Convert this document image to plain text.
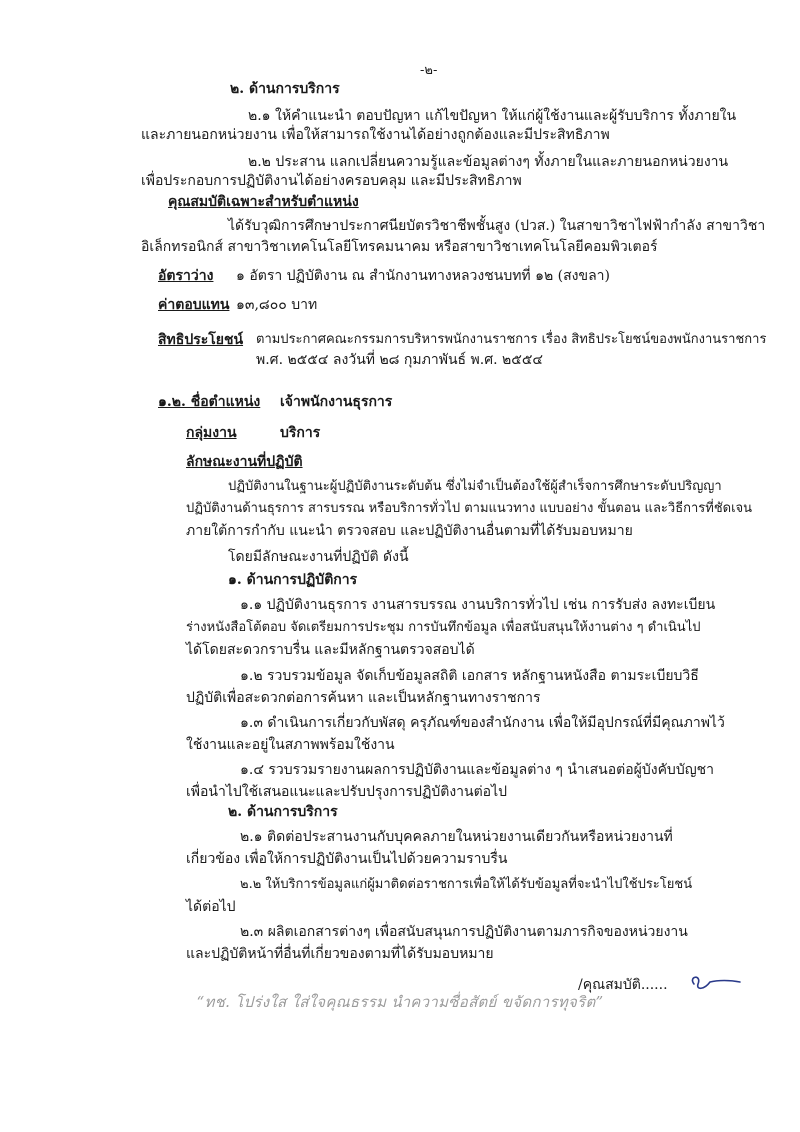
-๒-
๒. ด้านการบริการ
๒.๑ ให้คำแนะนำ ตอบปัญหา แก้ไขปัญหา ให้แก่ผู้ใช้งานและผู้รับบริการ ทั้งภายใน
และภายนอกหน่วยงาน เพื่อให้สามารถใช้งานได้อย่างถูกต้องและมีประสิทธิภาพ
๒.๒ ประสาน แลกเปลี่ยนความรู้และข้อมูลต่างๆ ทั้งภายในและภายนอกหน่วยงาน
เพื่อประกอบการปฏิบัติงานได้อย่างครอบคลุม และมีประสิทธิภาพ
คุณสมบัติเฉพาะสำหรับตำแหน่ง
ได้รับวุฒิการศึกษาประกาศนียบัตรวิชาชีพชั้นสูง (ปวส.) ในสาขาวิชาไฟฟ้ากำลัง สาขาวิชา
อิเล็กทรอนิกส์ สาขาวิชาเทคโนโลยีโทรคมนาคม หรือสาขาวิชาเทคโนโลยีคอมพิวเตอร์
อัตราว่าง ๑ อัตรา ปฏิบัติงาน ณ สำนักงานทางหลวงชนบทที่ ๑๒ (สงขลา)
ค่าตอบแทน ๑๓,๘๐๐ บาท
สิทธิประโยชน์ ตามประกาศคณะกรรมการบริหารพนักงานราชการ เรื่อง สิทธิประโยชน์ของพนักงานราชการ
พ.ศ. ๒๕๕๔ ลงวันที่ ๒๘ กุมภาพันธ์ พ.ศ. ๒๕๕๔
๑.๒. ชื่อตำแหน่ง เจ้าพนักงานธุรการ
กลุ่มงาน	บริการ
ลักษณะงานที่ปฏิบัติ
ปฏิบัติงานในฐานะผู้ปฏิบัติงานระดับต้น ซึ่งไม่จำเป็นต้องใช้ผู้สำเร็จการศึกษาระดับปริญญา
ปฏิบัติงานด้านธุรการ สารบรรณ หรือบริการทั่วไป ตามแนวทาง แบบอย่าง ขั้นตอน และวิธีการที่ชัดเจน
ภายใต้การกำกับ แนะนำ ตรวจสอบ และปฏิบัติงานอื่นตามที่ได้รับมอบหมาย
โดยมีลักษณะงานที่ปฏิบัติ ดังนี้
๑. ด้านการปฏิบัติการ
๑.๑ ปฏิบัติงานธุรการ งานสารบรรณ งานบริการทั่วไป เช่น การรับส่ง ลงทะเบียน
ร่างหนังสือโต้ตอบ จัดเตรียมการประชุม การบันทึกข้อมูล เพื่อสนับสนุนให้งานต่าง ๆ ดำเนินไป
ได้โดยสะดวกราบรื่น และมีหลักฐานตรวจสอบได้
๑.๒ รวบรวมข้อมูล จัดเก็บข้อมูลสถิติ เอกสาร หลักฐานหนังสือ ตามระเบียบวิธี
ปฏิบัติเพื่อสะดวกต่อการค้นหา และเป็นหลักฐานทางราชการ
๑.๓ ดำเนินการเกี่ยวกับพัสดุ ครุภัณฑ์ของสำนักงาน เพื่อให้มีอุปกรณ์ที่มีคุณภาพไว้
ใช้งานและอยู่ในสภาพพร้อมใช้งาน
๑.๔ รวบรวมรายงานผลการปฏิบัติงานและข้อมูลต่าง ๆ นำเสนอต่อผู้บังคับบัญชา
เพื่อนำไปใช้เสนอแนะและปรับปรุงการปฏิบัติงานต่อไป
๒. ด้านการบริการ
๒.๑ ติดต่อประสานงานกับบุคคลภายในหน่วยงานเดียวกันหรือหน่วยงานที่
เกี่ยวข้อง เพื่อให้การปฏิบัติงานเป็นไปด้วยความราบรื่น
๒.๒ ให้บริการข้อมูลแก่ผู้มาติดต่อราชการเพื่อให้ได้รับข้อมูลที่จะนำไปใช้ประโยชน์
ได้ต่อไป
๒.๓ ผลิตเอกสารต่างๆ เพื่อสนับสนุนการปฏิบัติงานตามภารกิจของหน่วยงาน
และปฏิบัติหน้าที่อื่นที่เกี่ยวของตามที่ได้รับมอบหมาย
/คุณสมบัติ......
“ทช. โปร่งใส ใส่ใจคุณธรรม นำความซื่อสัตย์ ขจัดการทุจริต”
